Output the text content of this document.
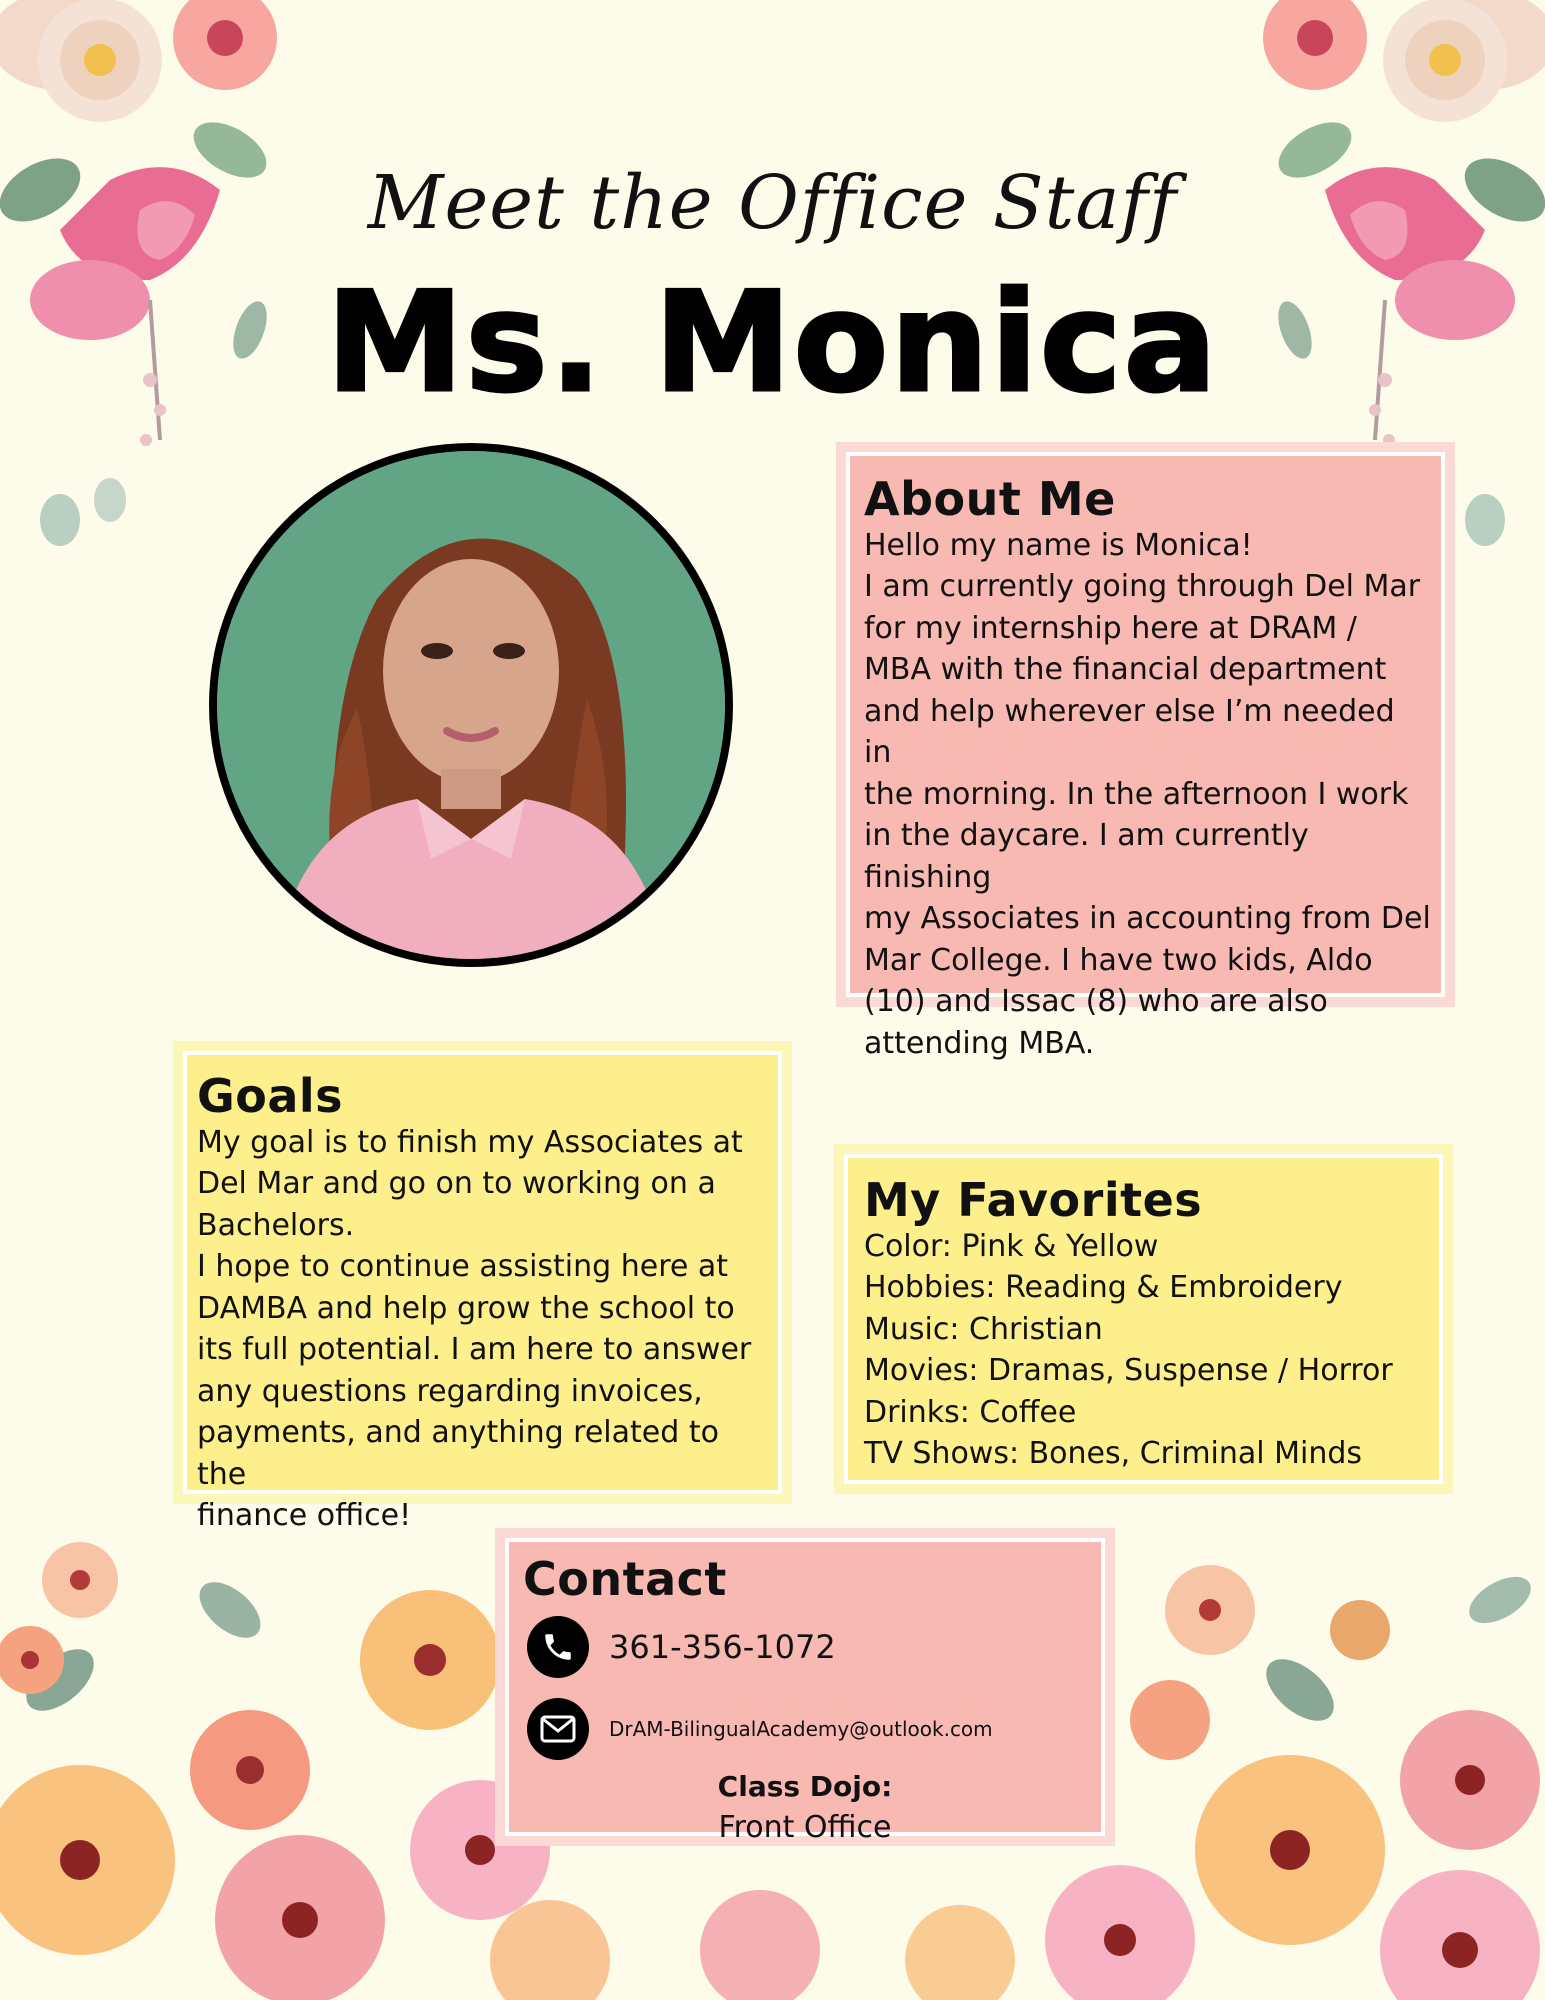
Meet the Office Staff
Ms. Monica
About Me
Hello my name is Monica!
I am currently going through Del Mar
for my internship here at DRAM /
MBA with the financial department
and help wherever else I’m needed in
the morning. In the afternoon I work
in the daycare. I am currently finishing
my Associates in accounting from Del
Mar College. I have two kids, Aldo
(10) and Issac (8) who are also
attending MBA.
Goals
My goal is to finish my Associates at
Del Mar and go on to working on a
Bachelors.
I hope to continue assisting here at
DAMBA and help grow the school to
its full potential. I am here to answer
any questions regarding invoices,
payments, and anything related to the
finance office!
My Favorites
Color: Pink & Yellow
Hobbies: Reading & Embroidery
Music: Christian
Movies: Dramas, Suspense / Horror
Drinks: Coffee
TV Shows: Bones, Criminal Minds
Contact
361-356-1072
DrAM-BilingualAcademy@outlook.com
Class Dojo:
Front Office
